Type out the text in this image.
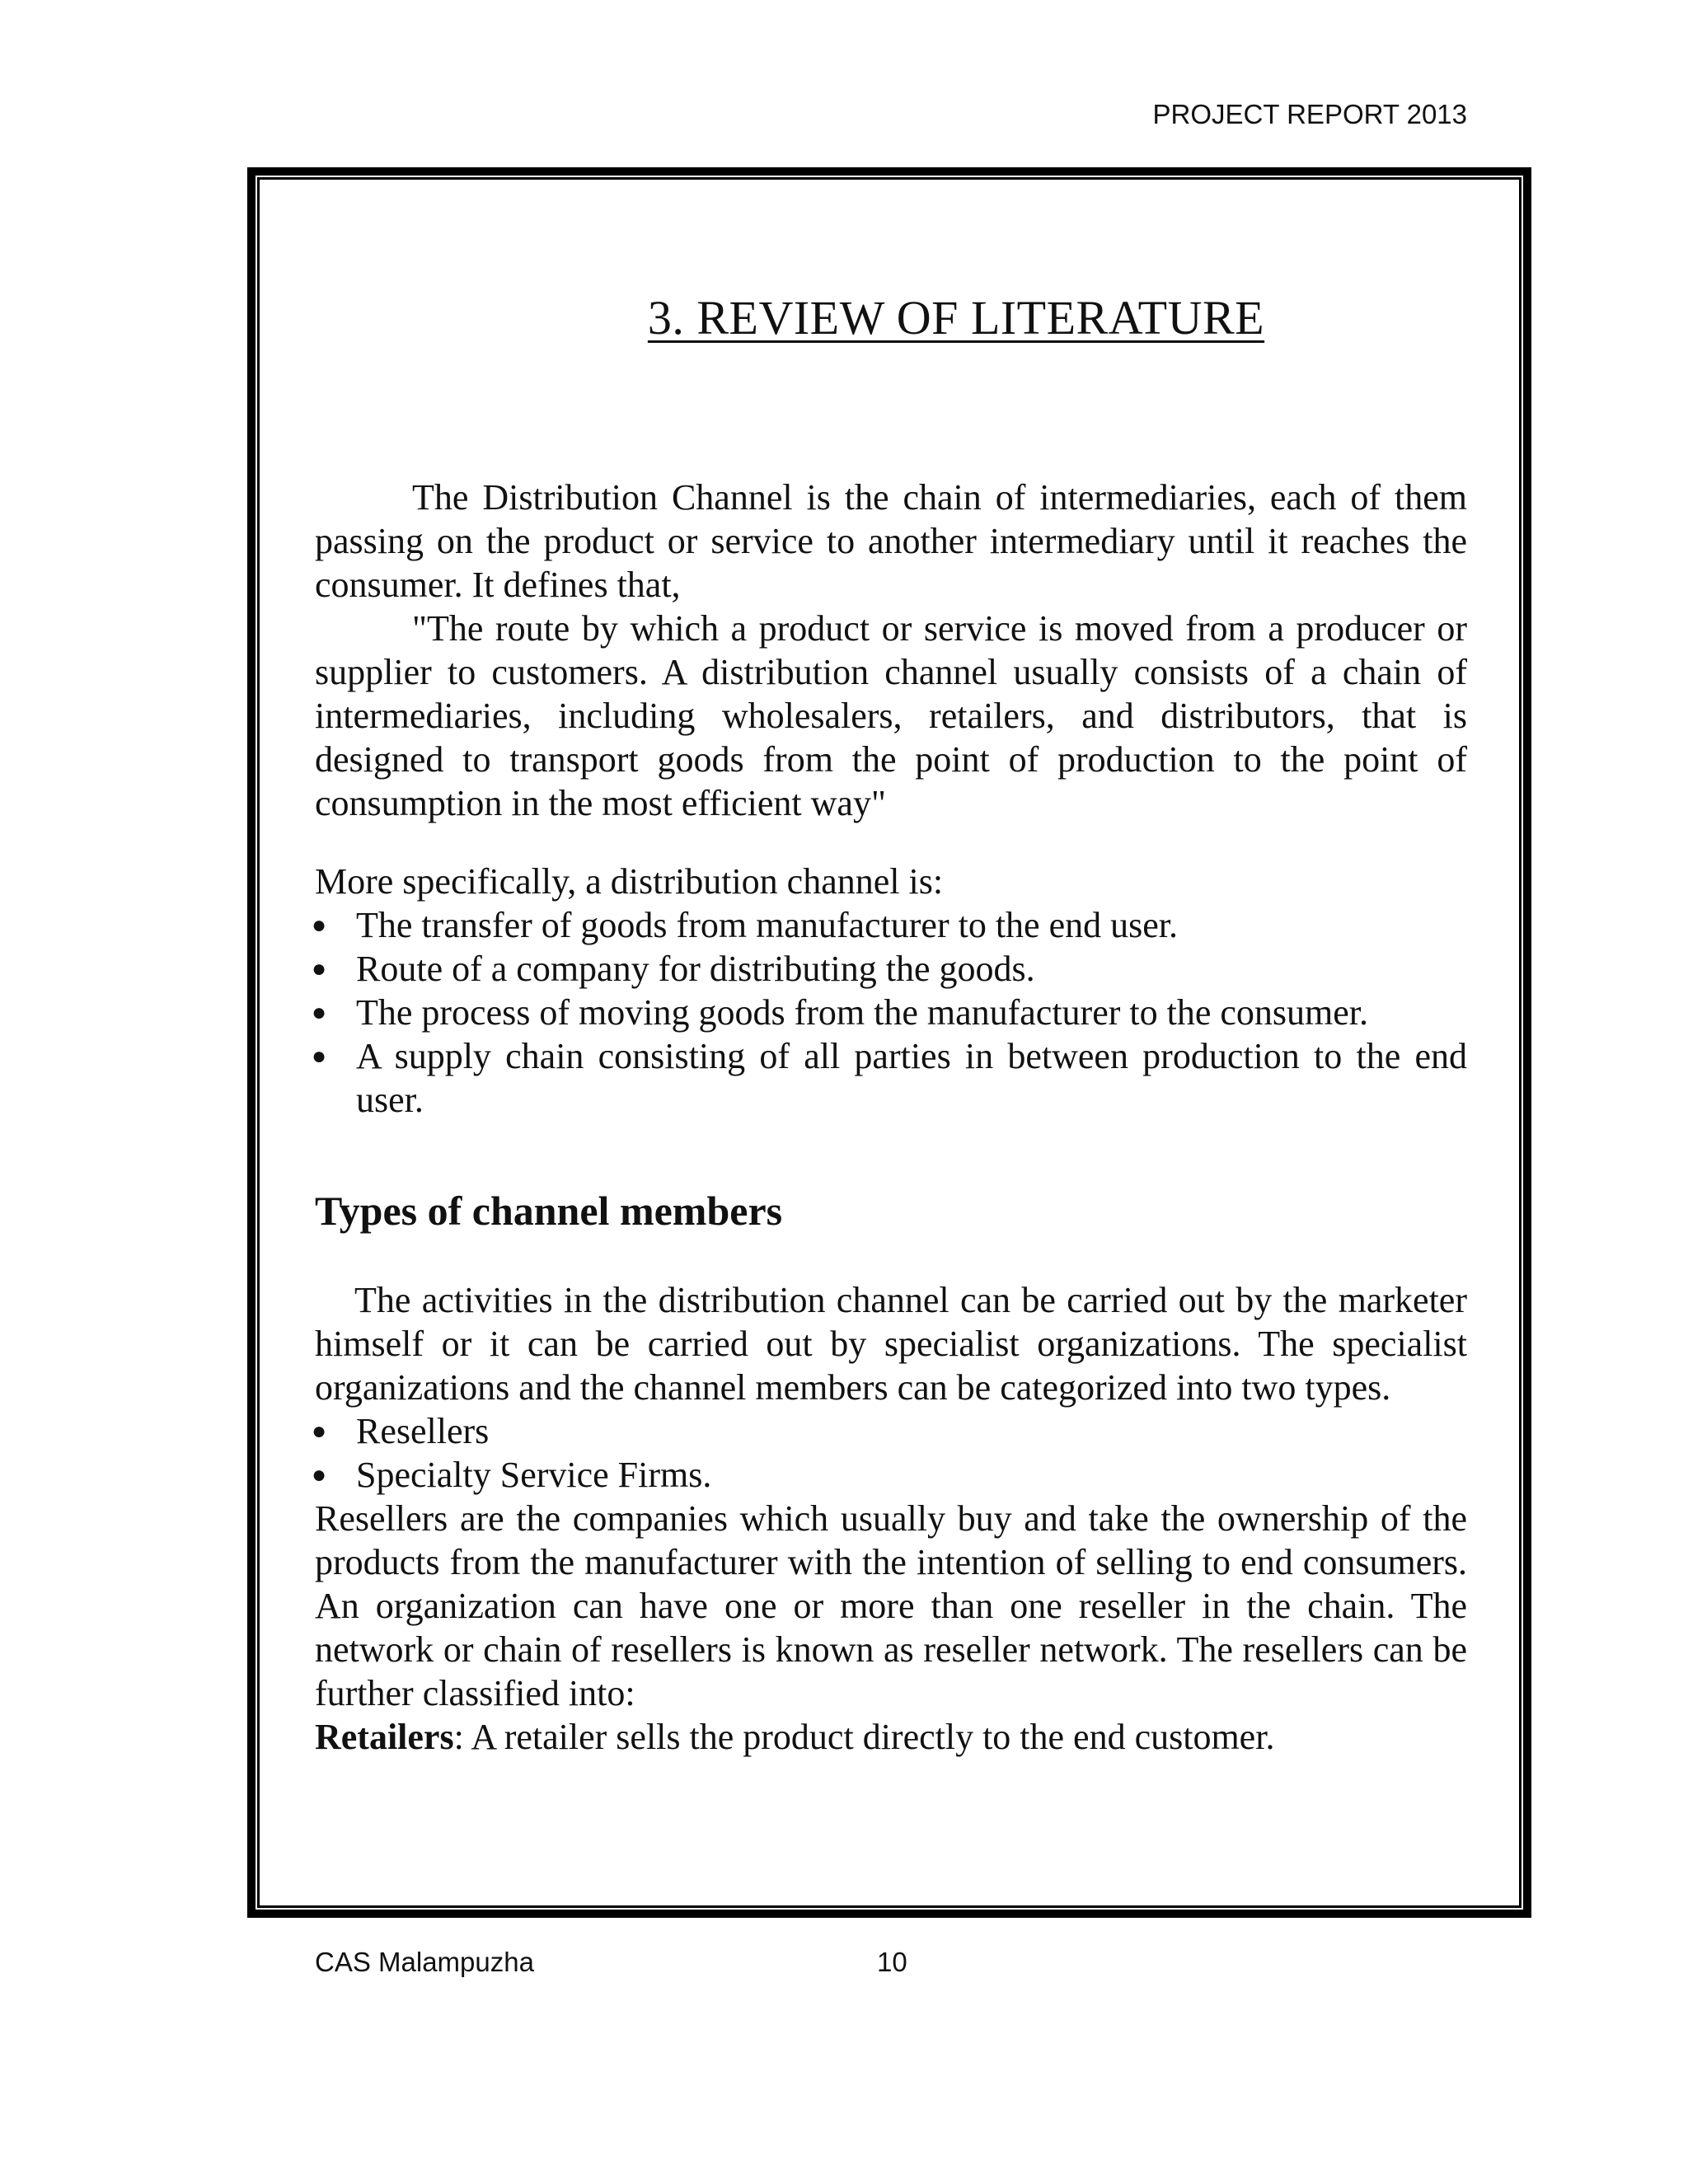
PROJECT REPORT 2013
3. REVIEW OF LITERATURE

The Distribution Channel is the chain of intermediaries, each of them passing on the product or service to another intermediary until it reaches the consumer. It defines that,

"The route by which a product or service is moved from a producer or supplier to customers. A distribution channel usually consists of a chain of intermediaries, including wholesalers, retailers, and distributors, that is designed to transport goods from the point of production to the point of consumption in the most efficient way"

More specifically, a distribution channel is:

● The transfer of goods from manufacturer to the end user.
● Route of a company for distributing the goods.
● The process of moving goods from the manufacturer to the consumer.
● A supply chain consisting of all parties in between production to the end user.
Types of channel members

The activities in the distribution channel can be carried out by the marketer himself or it can be carried out by specialist organizations. The specialist organizations and the channel members can be categorized into two types.

● Resellers
● Specialty Service Firms.

Resellers are the companies which usually buy and take the ownership of the products from the manufacturer with the intention of selling to end consumers. An organization can have one or more than one reseller in the chain. The network or chain of resellers is known as reseller network. The resellers can be further classified into:

Retailers: A retailer sells the product directly to the end customer.

CAS Malampuzha	10
